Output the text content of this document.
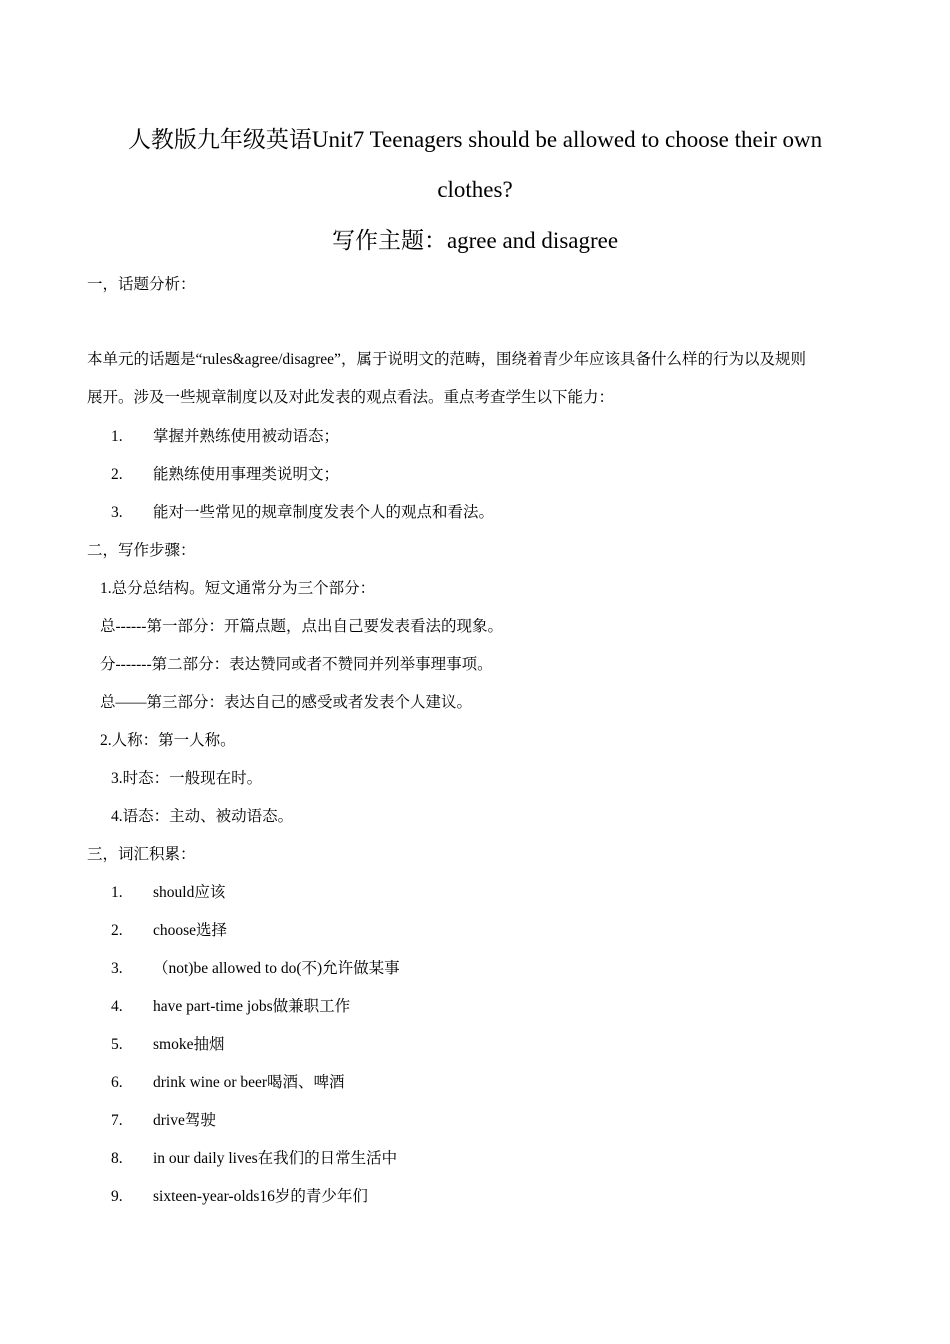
人教版九年级英语Unit7 Teenagers should be allowed to choose their own
clothes?
写作主题：agree and disagree
一，话题分析：
本单元的话题是“rules&agree/disagree”，属于说明文的范畴，围绕着青少年应该具备什么样的行为以及规则
展开。涉及一些规章制度以及对此发表的观点看法。重点考查学生以下能力：
1. 掌握并熟练使用被动语态；
2. 能熟练使用事理类说明文；
3. 能对一些常见的规章制度发表个人的观点和看法。
二，写作步骤：
1.总分总结构。短文通常分为三个部分：
总------第一部分：开篇点题，点出自己要发表看法的现象。
分-------第二部分：表达赞同或者不赞同并列举事理事项。
总——第三部分：表达自己的感受或者发表个人建议。
2.人称：第一人称。
3.时态：一般现在时。
4.语态：主动、被动语态。
三，词汇积累：
1. should应该
2. choose选择
3. （not)be allowed to do(不)允许做某事
4. have part-time jobs做兼职工作
5. smoke抽烟
6. drink wine or beer喝酒、啤酒
7. drive驾驶
8. in our daily lives在我们的日常生活中
9. sixteen-year-olds16岁的青少年们
